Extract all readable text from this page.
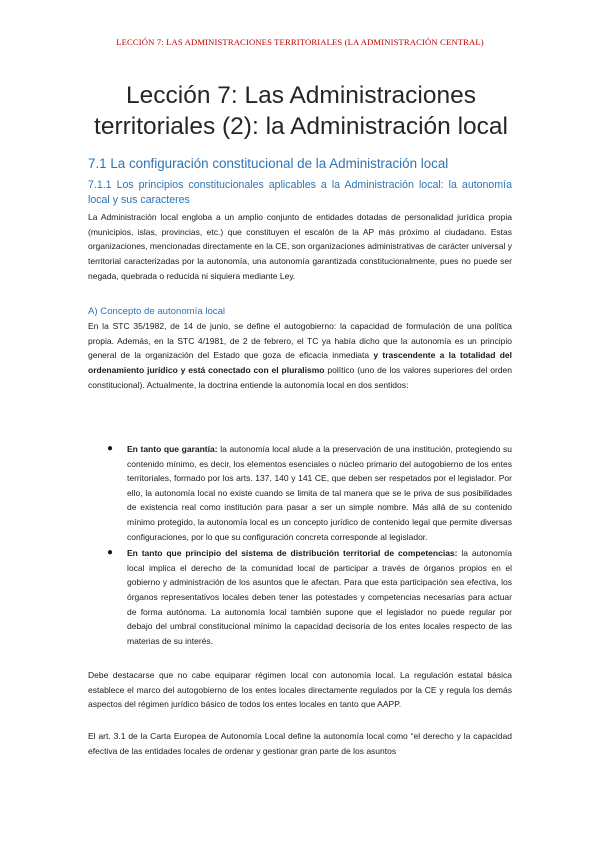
LECCIÓN 7: LAS ADMINISTRACIONES TERRITORIALES (LA ADMINISTRACIÓN CENTRAL)
Lección 7: Las Administraciones territoriales (2): la Administración local
7.1 La configuración constitucional de la Administración local
7.1.1 Los principios constitucionales aplicables a la Administración local: la autonomía local y sus caracteres

La Administración local engloba a un amplio conjunto de entidades dotadas de personalidad jurídica propia (municipios, islas, provincias, etc.) que constituyen el escalón de la AP más próximo al ciudadano. Estas organizaciones, mencionadas directamente en la CE, son organizaciones administrativas de carácter universal y territorial caracterizadas por la autonomía, una autonomía garantizada constitucionalmente, pues no puede ser negada, quebrada o reducida ni siquiera mediante Ley.

A) Concepto de autonomía local

En la STC 35/1982, de 14 de junio, se define el autogobierno: la capacidad de formulación de una política propia. Además, en la STC 4/1981, de 2 de febrero, el TC ya había dicho que la autonomía es un principio general de la organización del Estado que goza de eficacia inmediata y trascendente a la totalidad del ordenamiento jurídico y está conectado con el pluralismo político (uno de los valores superiores del orden constitucional). Actualmente, la doctrina entiende la autonomía local en dos sentidos:

● En tanto que garantía: la autonomía local alude a la preservación de una institución, protegiendo su contenido mínimo, es decir, los elementos esenciales o núcleo primario del autogobierno de los entes territoriales, formado por los arts. 137, 140 y 141 CE, que deben ser respetados por el legislador. Por ello, la autonomía local no existe cuando se limita de tal manera que se le priva de sus posibilidades de existencia real como institución para pasar a ser un simple nombre. Más allá de su contenido mínimo protegido, la autonomía local es un concepto jurídico de contenido legal que permite diversas configuraciones, por lo que su configuración concreta corresponde al legislador.
● En tanto que principio del sistema de distribución territorial de competencias: la autonomía local implica el derecho de la comunidad local de participar a través de órganos propios en el gobierno y administración de los asuntos que le afectan. Para que esta participación sea efectiva, los órganos representativos locales deben tener las potestades y competencias necesarias para actuar de forma autónoma. La autonomía local también supone que el legislador no puede regular por debajo del umbral constitucional mínimo la capacidad decisoria de los entes locales respecto de las materias de su interés.

Debe destacarse que no cabe equiparar régimen local con autonomía local. La regulación estatal básica establece el marco del autogobierno de los entes locales directamente regulados por la CE y regula los demás aspectos del régimen jurídico básico de todos los entes locales en tanto que AAPP.

El art. 3.1 de la Carta Europea de Autonomía Local define la autonomía local como “el derecho y la capacidad efectiva de las entidades locales de ordenar y gestionar gran parte de los asuntos
